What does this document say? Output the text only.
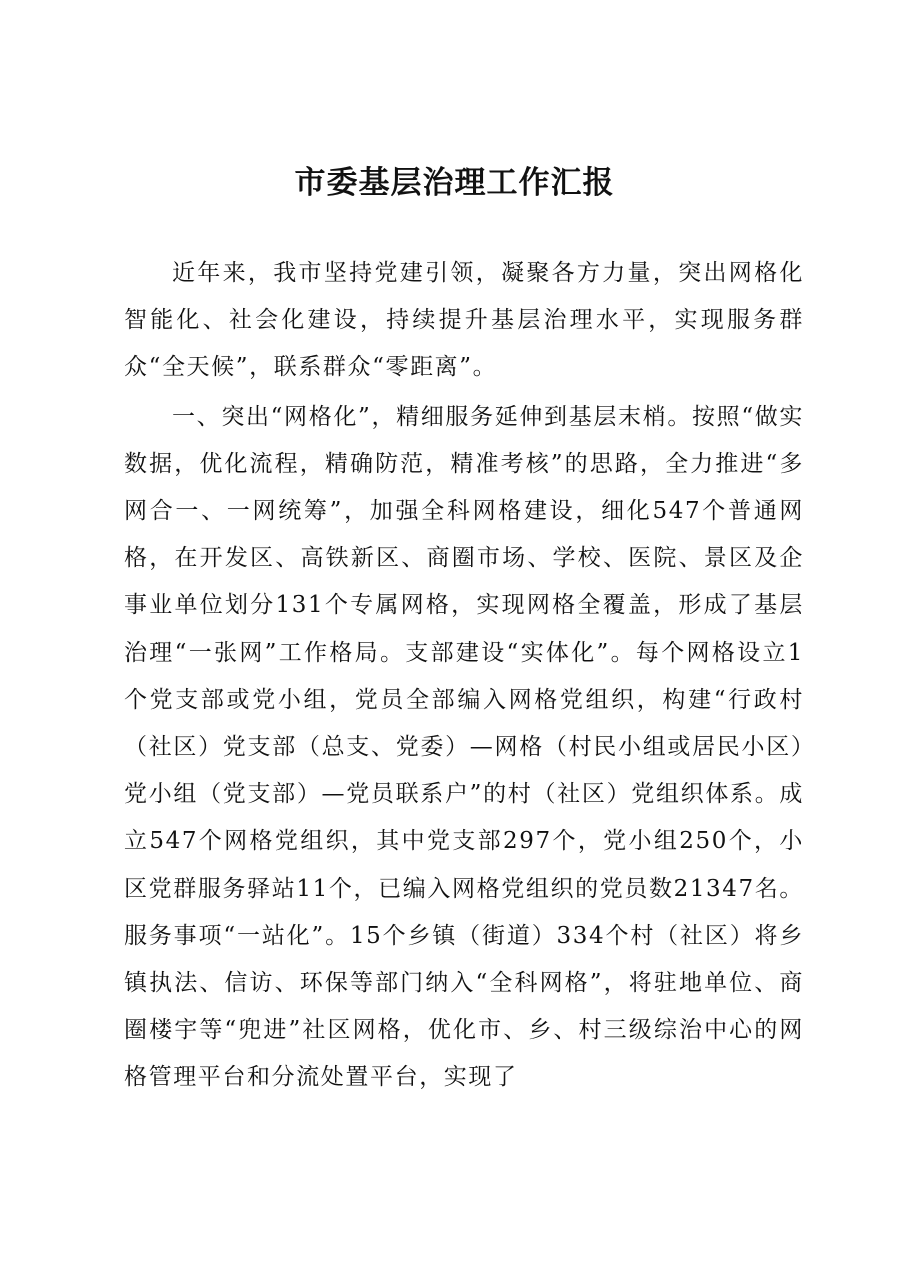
市委基层治理工作汇报

近年来，我市坚持党建引领，凝聚各方力量，突出网格化智能化、社会化建设，持续提升基层治理水平，实现服务群众“全天候”，联系群众“零距离”。

一、突出“网格化”，精细服务延伸到基层末梢。按照“做实数据，优化流程，精确防范，精准考核”的思路，全力推进“多网合一、一网统筹”，加强全科网格建设，细化547个普通网格，在开发区、高铁新区、商圈市场、学校、医院、景区及企事业单位划分131个专属网格，实现网格全覆盖，形成了基层治理“一张网”工作格局。支部建设“实体化”。每个网格设立1个党支部或党小组，党员全部编入网格党组织，构建“行政村（社区）党支部（总支、党委）—网格（村民小组或居民小区）党小组（党支部）—党员联系户”的村（社区）党组织体系。成立547个网格党组织，其中党支部297个，党小组250个，小区党群服务驿站11个，已编入网格党组织的党员数21347名。服务事项“一站化”。15个乡镇（街道）334个村（社区）将乡镇执法、信访、环保等部门纳入“全科网格”，将驻地单位、商圈楼宇等“兜进”社区网格，优化市、乡、村三级综治中心的网格管理平台和分流处置平台，实现了
